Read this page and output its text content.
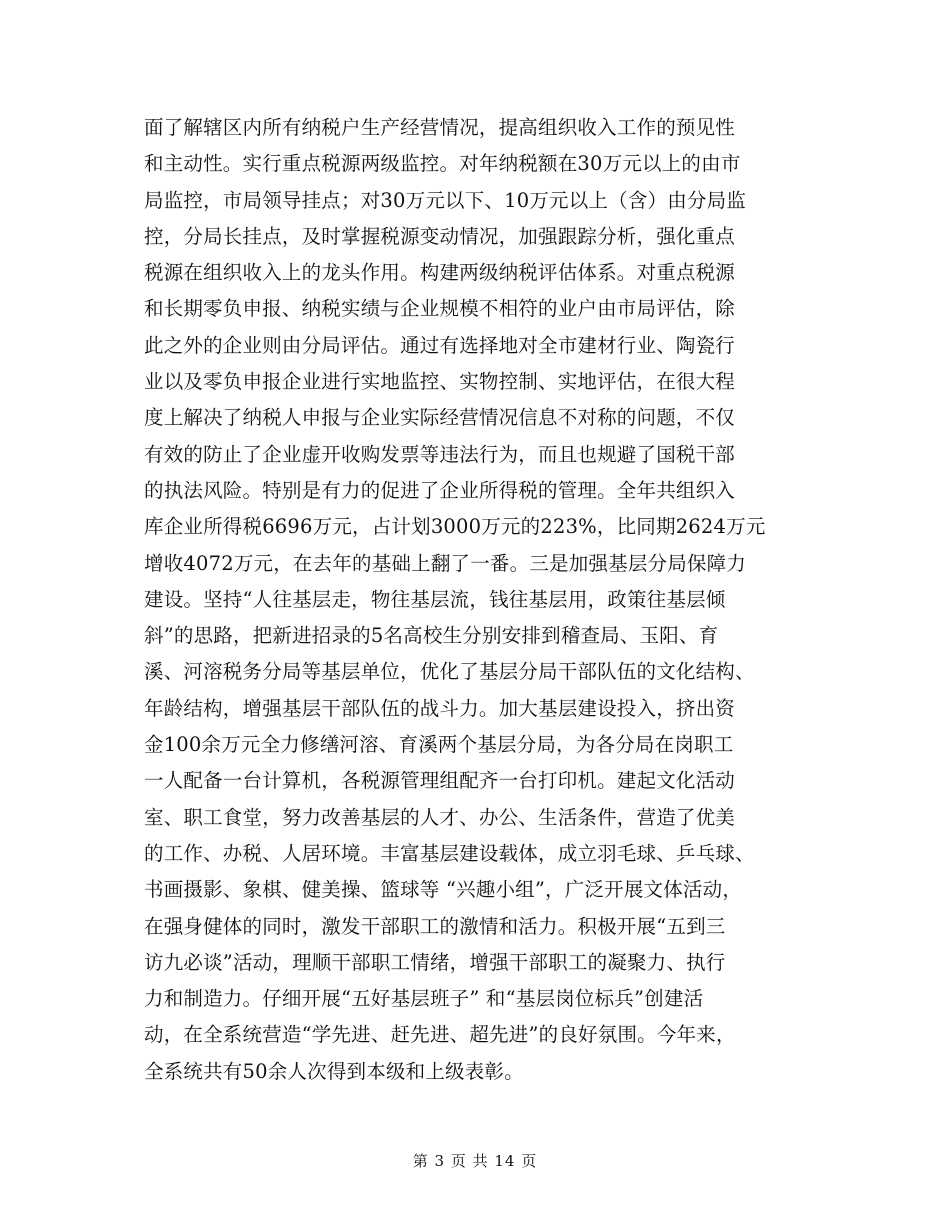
面了解辖区内所有纳税户生产经营情况，提高组织收入工作的预见性
和主动性。实行重点税源两级监控。对年纳税额在30万元以上的由市
局监控，市局领导挂点；对30万元以下、10万元以上（含）由分局监
控，分局长挂点，及时掌握税源变动情况，加强跟踪分析，强化重点
税源在组织收入上的龙头作用。构建两级纳税评估体系。对重点税源
和长期零负申报、纳税实绩与企业规模不相符的业户由市局评估，除
此之外的企业则由分局评估。通过有选择地对全市建材行业、陶瓷行
业以及零负申报企业进行实地监控、实物控制、实地评估，在很大程
度上解决了纳税人申报与企业实际经营情况信息不对称的问题，不仅
有效的防止了企业虚开收购发票等违法行为，而且也规避了国税干部
的执法风险。特别是有力的促进了企业所得税的管理。全年共组织入
库企业所得税6696万元，占计划3000万元的223%，比同期2624万元
增收4072万元，在去年的基础上翻了一番。三是加强基层分局保障力
建设。坚持“人往基层走，物往基层流，钱往基层用，政策往基层倾
斜”的思路，把新进招录的5名高校生分别安排到稽查局、玉阳、育
溪、河溶税务分局等基层单位，优化了基层分局干部队伍的文化结构、
年龄结构，增强基层干部队伍的战斗力。加大基层建设投入，挤出资
金100余万元全力修缮河溶、育溪两个基层分局，为各分局在岗职工
一人配备一台计算机，各税源管理组配齐一台打印机。建起文化活动
室、职工食堂，努力改善基层的人才、办公、生活条件，营造了优美
的工作、办税、人居环境。丰富基层建设载体，成立羽毛球、乒乓球、
书画摄影、象棋、健美操、篮球等 “兴趣小组”，广泛开展文体活动，
在强身健体的同时，激发干部职工的激情和活力。积极开展“五到三
访九必谈”活动，理顺干部职工情绪，增强干部职工的凝聚力、执行
力和制造力。仔细开展“五好基层班子” 和“基层岗位标兵”创建活
动，在全系统营造“学先进、赶先进、超先进”的良好氛围。今年来，
全系统共有50余人次得到本级和上级表彰。
第 3 页 共 14 页
